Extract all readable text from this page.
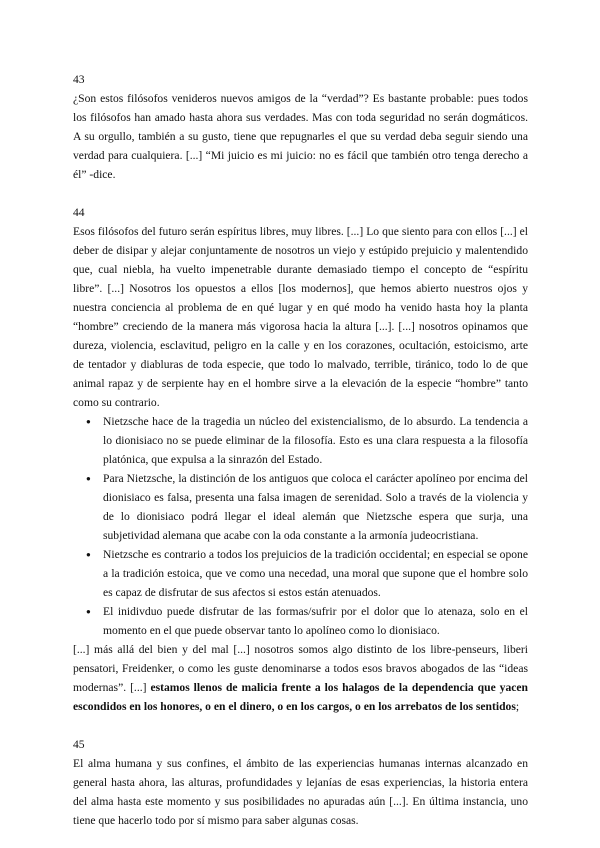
43

¿Son estos filósofos venideros nuevos amigos de la “verdad”? Es bastante probable: pues todos los filósofos han amado hasta ahora sus verdades. Mas con toda seguridad no serán dogmáticos. A su orgullo, también a su gusto, tiene que repugnarles el que su verdad deba seguir siendo una verdad para cualquiera. [...] “Mi juicio es mi juicio: no es fácil que también otro tenga derecho a él” -dice.

44

Esos filósofos del futuro serán espíritus libres, muy libres. [...] Lo que siento para con ellos [...] el deber de disipar y alejar conjuntamente de nosotros un viejo y estúpido prejuicio y malentendido que, cual niebla, ha vuelto impenetrable durante demasiado tiempo el concepto de “espíritu libre”. [...] Nosotros los opuestos a ellos [los modernos], que hemos abierto nuestros ojos y nuestra conciencia al problema de en qué lugar y en qué modo ha venido hasta hoy la planta “hombre” creciendo de la manera más vigorosa hacia la altura [...]. [...] nosotros opinamos que dureza, violencia, esclavitud, peligro en la calle y en los corazones, ocultación, estoicismo, arte de tentador y diabluras de toda especie, que todo lo malvado, terrible, tiránico, todo lo de que animal rapaz y de serpiente hay en el hombre sirve a la elevación de la especie “hombre” tanto como su contrario.

● Nietzsche hace de la tragedia un núcleo del existencialismo, de lo absurdo. La tendencia a lo dionisiaco no se puede eliminar de la filosofía. Esto es una clara respuesta a la filosofía platónica, que expulsa a la sinrazón del Estado.
● Para Nietzsche, la distinción de los antiguos que coloca el carácter apolíneo por encima del dionisiaco es falsa, presenta una falsa imagen de serenidad. Solo a través de la violencia y de lo dionisiaco podrá llegar el ideal alemán que Nietzsche espera que surja, una subjetividad alemana que acabe con la oda constante a la armonía judeocristiana.
● Nietzsche es contrario a todos los prejuicios de la tradición occidental; en especial se opone a la tradición estoica, que ve como una necedad, una moral que supone que el hombre solo es capaz de disfrutar de sus afectos si estos están atenuados.
● El inidivduo puede disfrutar de las formas/sufrir por el dolor que lo atenaza, solo en el momento en el que puede observar tanto lo apolíneo como lo dionisiaco.

[...] más allá del bien y del mal [...] nosotros somos algo distinto de los libre-penseurs, liberi pensatori, Freidenker, o como les guste denominarse a todos esos bravos abogados de las “ideas modernas”. [...] estamos llenos de malicia frente a los halagos de la dependencia que yacen escondidos en los honores, o en el dinero, o en los cargos, o en los arrebatos de los sentidos;

45

El alma humana y sus confines, el ámbito de las experiencias humanas internas alcanzado en general hasta ahora, las alturas, profundidades y lejanías de esas experiencias, la historia entera del alma hasta este momento y sus posibilidades no apuradas aún [...]. En última instancia, uno tiene que hacerlo todo por sí mismo para saber algunas cosas.
